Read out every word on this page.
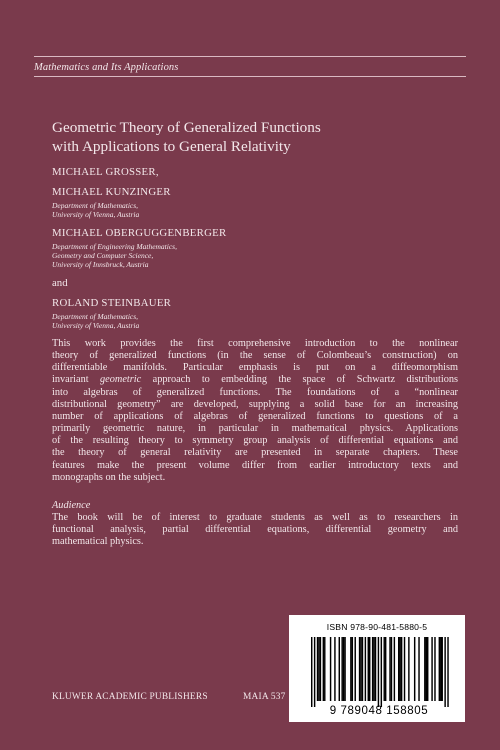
Mathematics and Its Applications
Geometric Theory of Generalized Functions
with Applications to General Relativity
MICHAEL GROSSER,
MICHAEL KUNZINGER
Department of Mathematics,
University of Vienna, Austria
MICHAEL OBERGUGGENBERGER
Department of Engineering Mathematics,
Geometry and Computer Science,
University of Innsbruck, Austria
and
ROLAND STEINBAUER
Department of Mathematics,
University of Vienna, Austria

This work provides the first comprehensive introduction to the nonlinear
theory of generalized functions (in the sense of Colombeau’s construction) on
differentiable manifolds. Particular emphasis is put on a diffeomorphism
invariant geometric approach to embedding the space of Schwartz distributions
into algebras of generalized functions. The foundations of a “nonlinear
distributional geometry” are developed, supplying a solid base for an increasing
number of applications of algebras of generalized functions to questions of a
primarily geometric nature, in particular in mathematical physics. Applications
of the resulting theory to symmetry group analysis of differential equations and
the theory of general relativity are presented in separate chapters. These
features make the present volume differ from earlier introductory texts and
monographs on the subject.

Audience

The book will be of interest to graduate students as well as to researchers in
functional analysis, partial differential equations, differential geometry and
mathematical physics.

ISBN 978-90-481-5880-5
9 789048 158805
KLUWER ACADEMIC PUBLISHERS	MAIA 537
